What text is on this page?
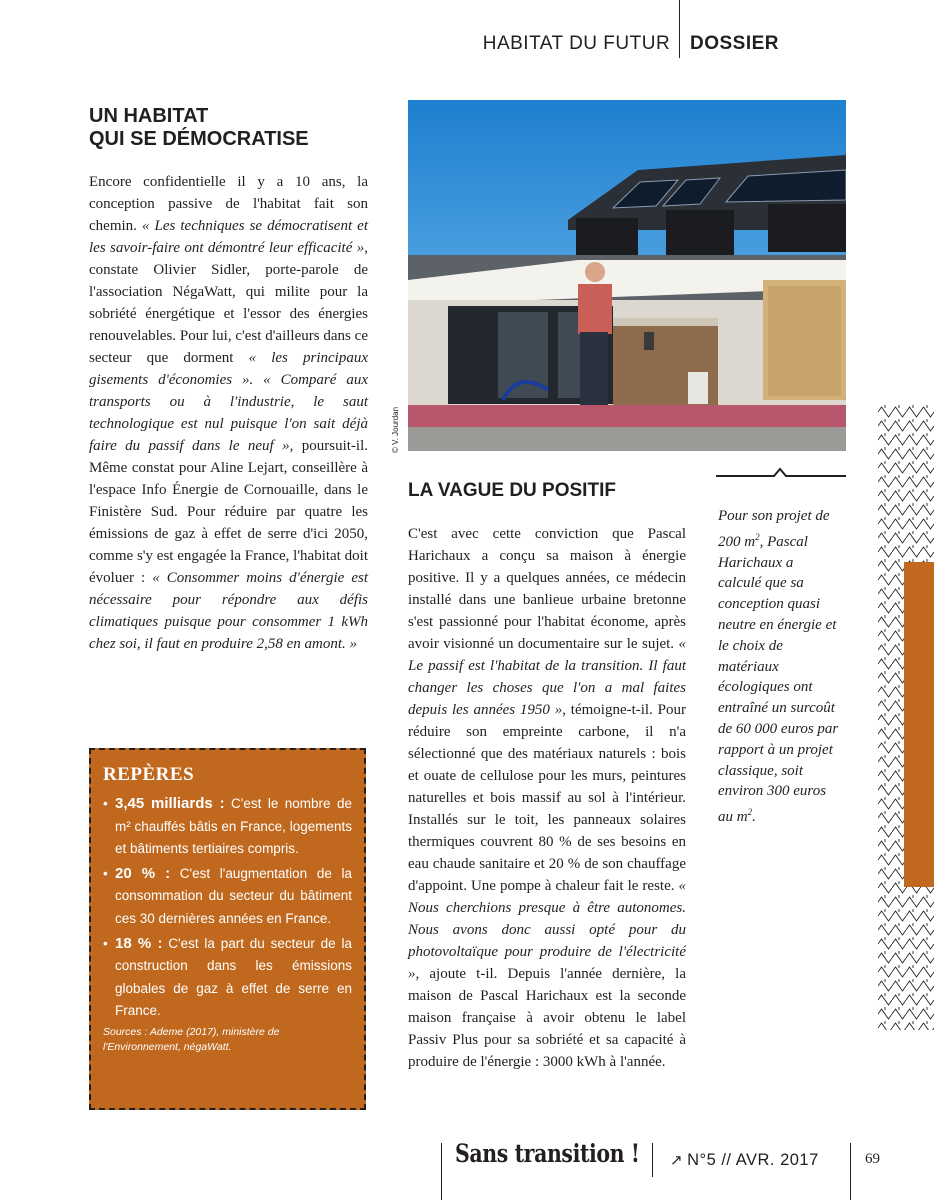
HABITAT DU FUTUR DOSSIER
UN HABITAT
QUI SE DÉMOCRATISE

Encore confidentielle il y a 10 ans, la conception passive de l'habitat fait son chemin. « Les techniques se démocratisent et les savoir-faire ont démontré leur efficacité », constate Olivier Sidler, porte-parole de l'association NégaWatt, qui milite pour la sobriété énergétique et l'essor des énergies renouvelables. Pour lui, c'est d'ailleurs dans ce secteur que dorment « les principaux gisements d'économies ». « Comparé aux transports ou à l'industrie, le saut technologique est nul puisque l'on sait déjà faire du passif dans le neuf », poursuit-il. Même constat pour Aline Lejart, conseillère à l'espace Info Énergie de Cornouaille, dans le Finistère Sud. Pour réduire par quatre les émissions de gaz à effet de serre d'ici 2050, comme s'y est engagée la France, l'habitat doit évoluer : « Consommer moins d'énergie est nécessaire pour répondre aux défis climatiques puisque pour consommer 1 kWh chez soi, il faut en produire 2,58 en amont. »

REPÈRES
• 3,45 milliards : C'est le nombre de m² chauffés bâtis en France, logements et bâtiments tertiaires compris.
• 20 % : C'est l'augmentation de la consommation du secteur du bâtiment ces 30 dernières années en France.
• 18 % : C'est la part du secteur de la construction dans les émissions globales de gaz à effet de serre en France.
Sources : Ademe (2017), ministère de l'Environnement, négaWatt.
© V. Jourdan
LA VAGUE DU POSITIF

C'est avec cette conviction que Pascal Harichaux a conçu sa maison à énergie positive. Il y a quelques années, ce médecin installé dans une banlieue urbaine bretonne s'est passionné pour l'habitat économe, après avoir visionné un documentaire sur le sujet. « Le passif est l'habitat de la transition. Il faut changer les choses que l'on a mal faites depuis les années 1950 », témoigne-t-il. Pour réduire son empreinte carbone, il n'a sélectionné que des matériaux naturels : bois et ouate de cellulose pour les murs, peintures naturelles et bois massif au sol à l'intérieur. Installés sur le toit, les panneaux solaires thermiques couvrent 80 % de ses besoins en eau chaude sanitaire et 20 % de son chauffage d'appoint. Une pompe à chaleur fait le reste. « Nous cherchions presque à être autonomes. Nous avons donc aussi opté pour du photovoltaïque pour produire de l'électricité », ajoute t-il. Depuis l'année dernière, la maison de Pascal Harichaux est la seconde maison française à avoir obtenu le label Passiv Plus pour sa sobriété et sa capacité à produire de l'énergie : 3000 kWh à l'année.

Pour son projet de 200 $m^2$, Pascal Harichaux a calculé que sa conception quasi neutre en énergie et le choix de matériaux écologiques ont entraîné un surcoût de 60 000 euros par rapport à un projet classique, soit environ 300 euros au $m^2$.
Sans transition ! ↗ N°5 // AVR. 2017	69
